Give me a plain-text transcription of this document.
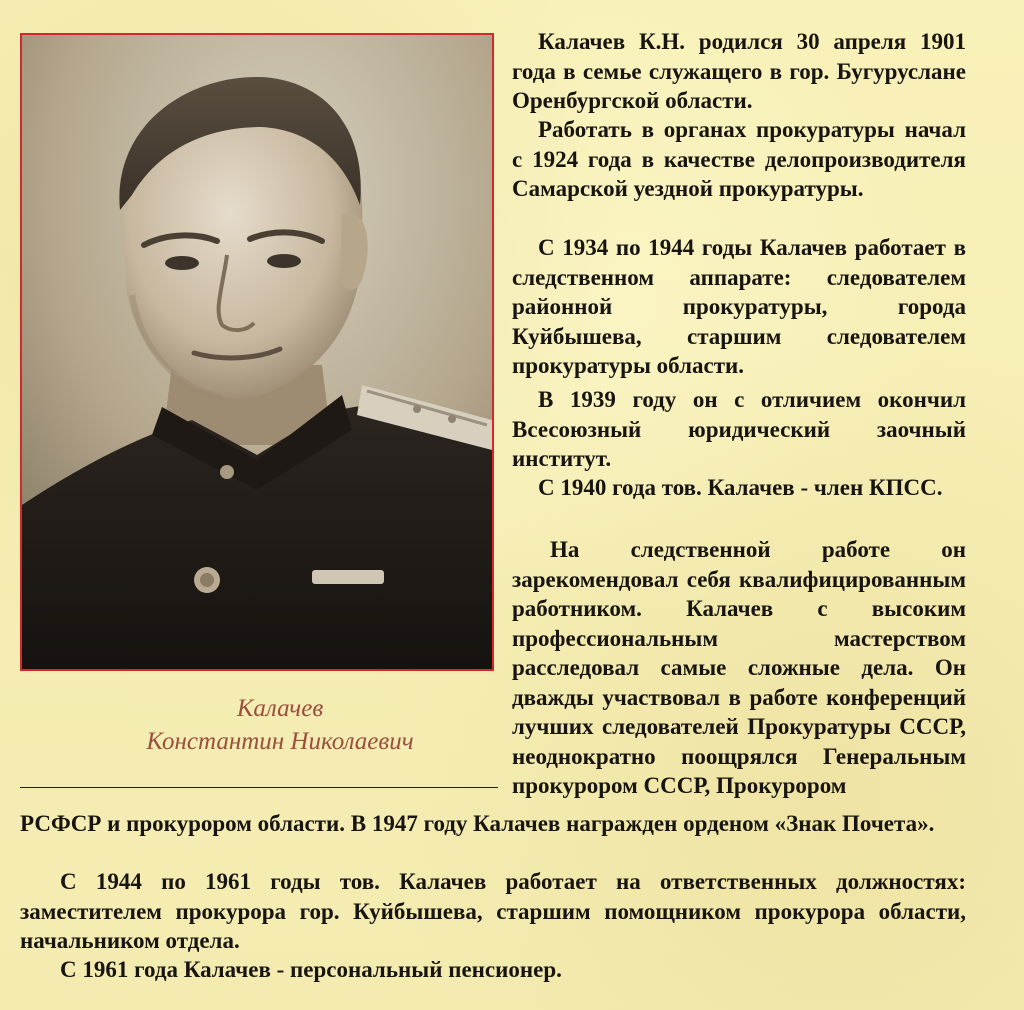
Калачев
Константин Николаевич

Калачев К.Н. родился 30 апреля 1901 года в семье служащего в гор. Бугуруслане Оренбургской области.

Работать в органах прокуратуры начал с 1924 года в качестве делопроизводителя Самарской уездной прокуратуры.

С 1934 по 1944 годы Калачев работает в следственном аппарате: следователем районной прокуратуры, города Куйбышева, старшим следователем прокуратуры области.

В 1939 году он с отличием окончил Всесоюзный юридический заочный институт.

С 1940 года тов. Калачев - член КПСС.

На следственной работе он зарекомендовал себя квалифицированным работником. Калачев с высоким профессиональным мастерством расследовал самые сложные дела. Он дважды участвовал в работе конференций лучших следователей Прокуратуры СССР, неоднократно поощрялся Генеральным прокурором СССР, Прокурором

РСФСР и прокурором области. В 1947 году Калачев награжден орденом «Знак Почета».

С 1944 по 1961 годы тов. Калачев работает на ответственных должностях: заместителем прокурора гор. Куйбышева, старшим помощником прокурора области, начальником отдела.

С 1961 года Калачев - персональный пенсионер.
